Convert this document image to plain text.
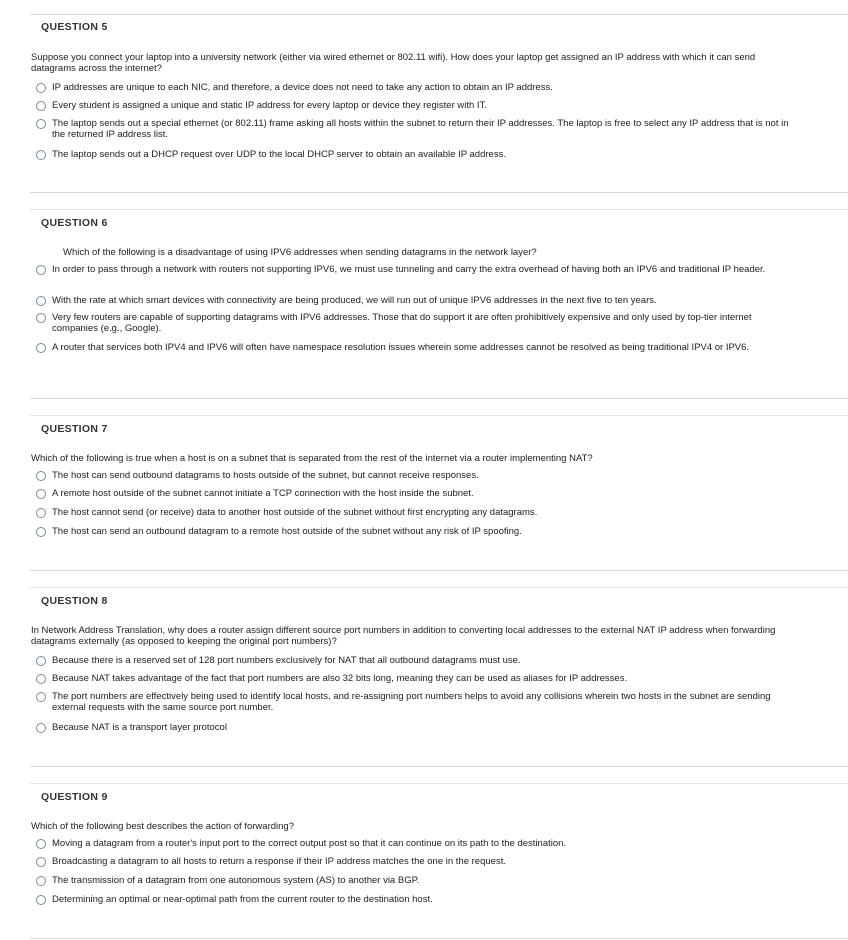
QUESTION 5
Suppose you connect your laptop into a university network (either via wired ethernet or 802.11 wifi). How does your laptop get assigned an IP address with which it can send datagrams across the internet?
IP addresses are unique to each NIC, and therefore, a device does not need to take any action to obtain an IP address.
Every student is assigned a unique and static IP address for every laptop or device they register with IT.
The laptop sends out a special ethernet (or 802.11) frame asking all hosts within the subnet to return their IP addresses. The laptop is free to select any IP address that is not in the returned IP address list.
The laptop sends out a DHCP request over UDP to the local DHCP server to obtain an available IP address.
QUESTION 6
Which of the following is a disadvantage of using IPV6 addresses when sending datagrams in the network layer?
In order to pass through a network with routers not supporting IPV6, we must use tunneling and carry the extra overhead of having both an IPV6 and traditional IP header.
With the rate at which smart devices with connectivity are being produced, we will run out of unique IPV6 addresses in the next five to ten years.
Very few routers are capable of supporting datagrams with IPV6 addresses. Those that do support it are often prohibitively expensive and only used by top-tier internet companies (e.g., Google).
A router that services both IPV4 and IPV6 will often have namespace resolution issues wherein some addresses cannot be resolved as being traditional IPV4 or IPV6.
QUESTION 7
Which of the following is true when a host is on a subnet that is separated from the rest of the internet via a router implementing NAT?
The host can send outbound datagrams to hosts outside of the subnet, but cannot receive responses.
A remote host outside of the subnet cannot initiate a TCP connection with the host inside the subnet.
The host cannot send (or receive) data to another host outside of the subnet without first encrypting any datagrams.
The host can send an outbound datagram to a remote host outside of the subnet without any risk of IP spoofing.
QUESTION 8
In Network Address Translation, why does a router assign different source port numbers in addition to converting local addresses to the external NAT IP address when forwarding datagrams externally (as opposed to keeping the original port numbers)?
Because there is a reserved set of 128 port numbers exclusively for NAT that all outbound datagrams must use.
Because NAT takes advantage of the fact that port numbers are also 32 bits long, meaning they can be used as aliases for IP addresses.
The port numbers are effectively being used to identify local hosts, and re-assigning port numbers helps to avoid any collisions wherein two hosts in the subnet are sending external requests with the same source port number.
Because NAT is a transport layer protocol
QUESTION 9
Which of the following best describes the action of forwarding?
Moving a datagram from a router's input port to the correct output post so that it can continue on its path to the destination.
Broadcasting a datagram to all hosts to return a response if their IP address matches the one in the request.
The transmission of a datagram from one autonomous system (AS) to another via BGP.
Determining an optimal or near-optimal path from the current router to the destination host.
